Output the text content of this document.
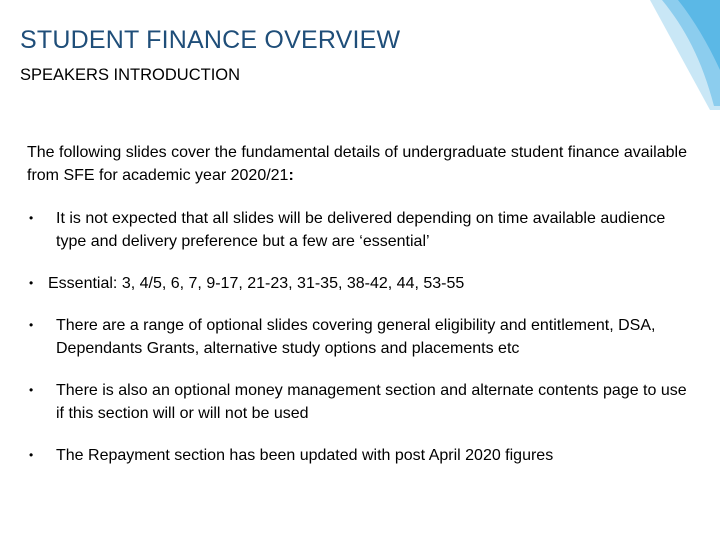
STUDENT FINANCE OVERVIEW
SPEAKERS INTRODUCTION

The following slides cover the fundamental details of undergraduate student finance available from SFE for academic year 2020/21:

• It is not expected that all slides will be delivered depending on time available audience type and delivery preference but a few are ‘essential’
• Essential: 3, 4/5, 6, 7, 9-17, 21-23, 31-35, 38-42, 44, 53-55
• There are a range of optional slides covering general eligibility and entitlement, DSA, Dependants Grants, alternative study options and placements etc
• There is also an optional money management section and alternate contents page to use if this section will or will not be used
• The Repayment section has been updated with post April 2020 figures
